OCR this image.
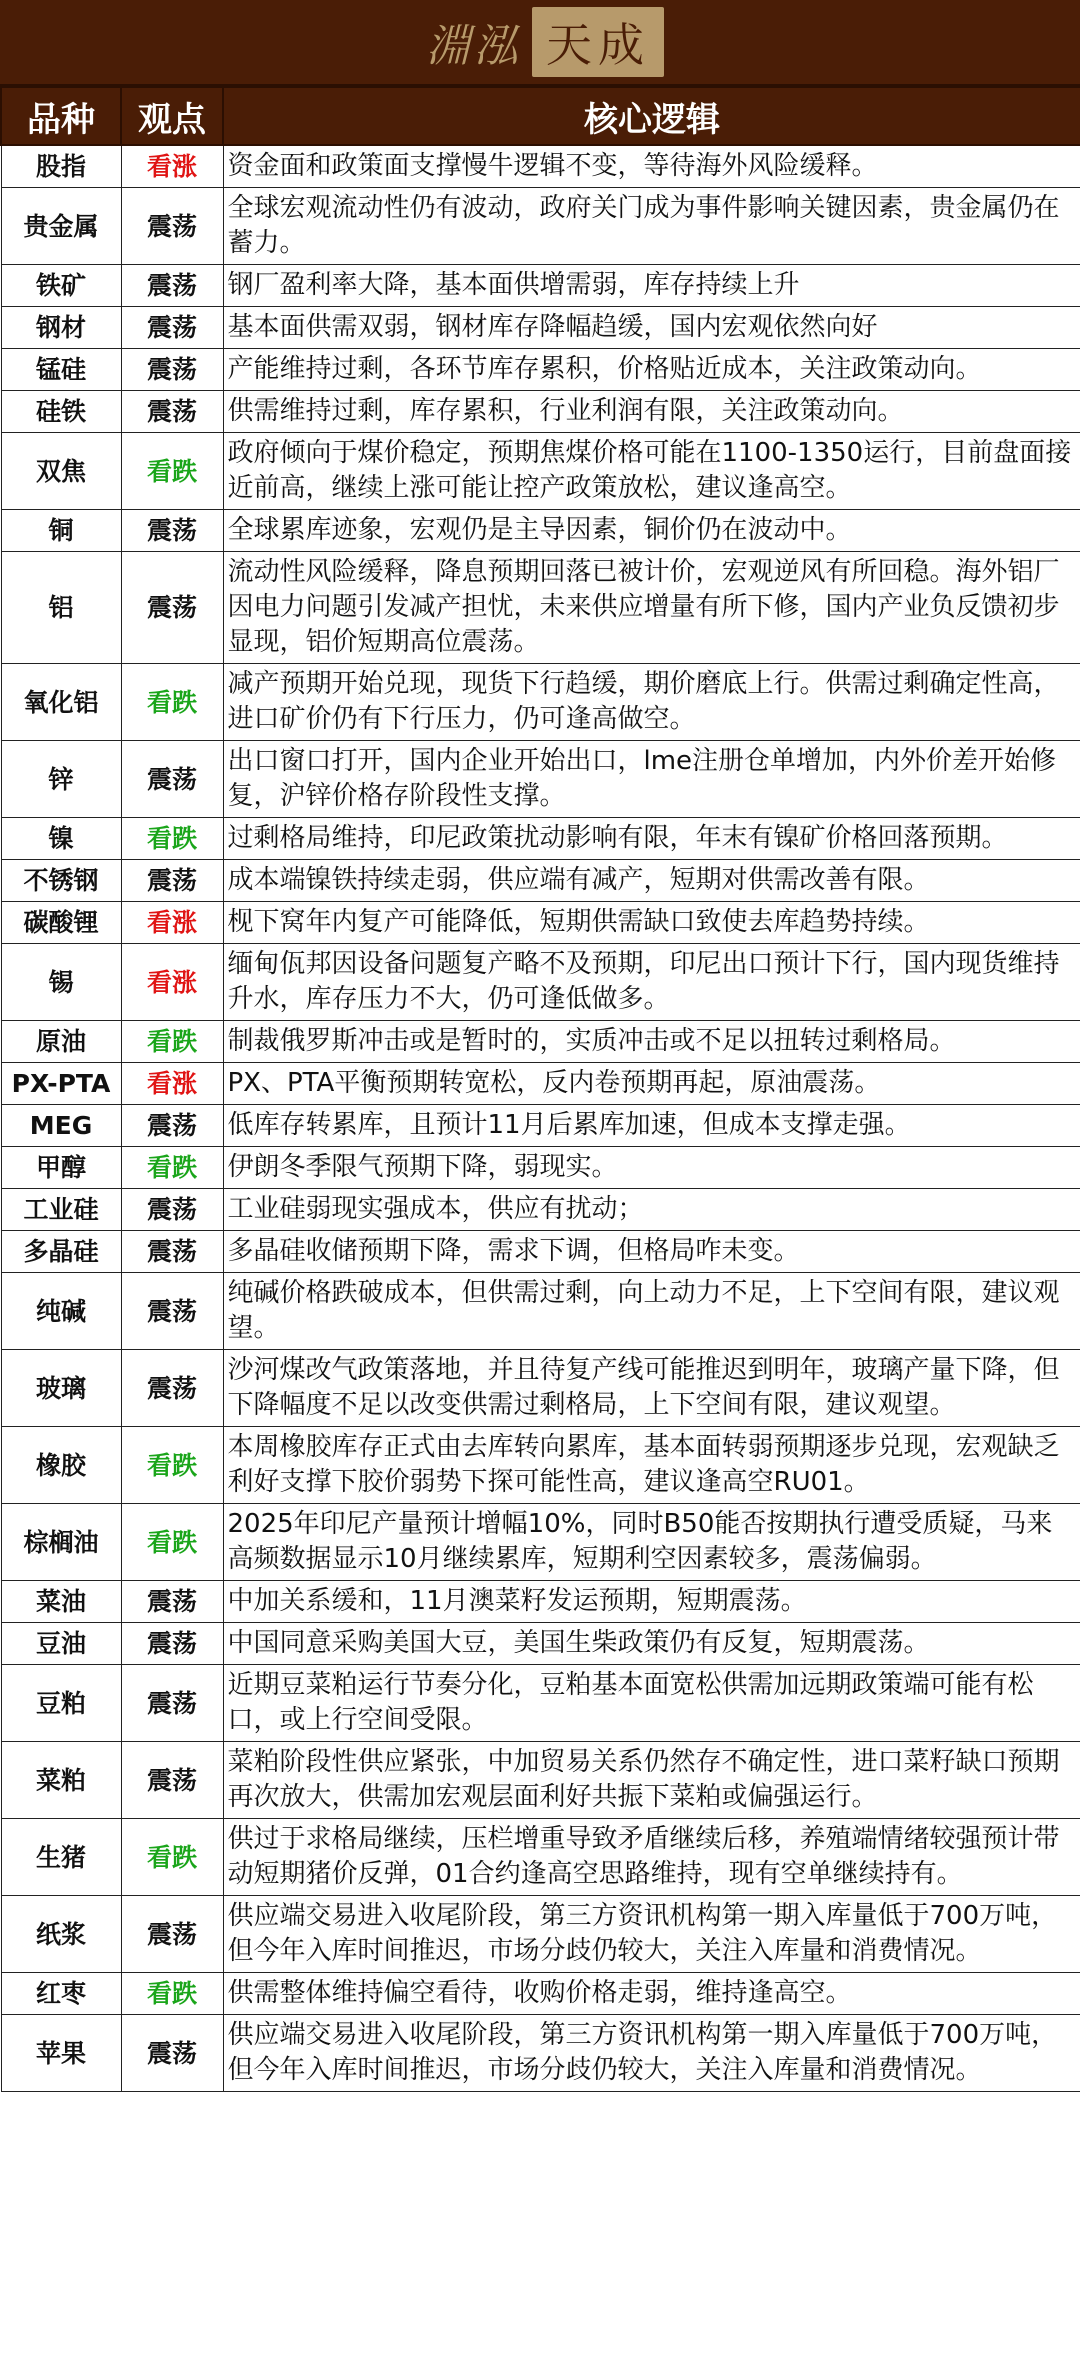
淵泓 天成
品种	观点	核心逻辑
股指	看涨	资金面和政策面支撑慢牛逻辑不变，等待海外风险缓释。
贵金属	震荡	全球宏观流动性仍有波动，政府关门成为事件影响关键因素，贵金属仍在蓄力。
铁矿	震荡	钢厂盈利率大降，基本面供增需弱，库存持续上升
钢材	震荡	基本面供需双弱，钢材库存降幅趋缓，国内宏观依然向好
锰硅	震荡	产能维持过剩，各环节库存累积，价格贴近成本，关注政策动向。
硅铁	震荡	供需维持过剩，库存累积，行业利润有限，关注政策动向。
双焦	看跌	政府倾向于煤价稳定，预期焦煤价格可能在1100-1350运行，目前盘面接近前高，继续上涨可能让控产政策放松，建议逢高空。
铜	震荡	全球累库迹象，宏观仍是主导因素，铜价仍在波动中。
铝	震荡	流动性风险缓释，降息预期回落已被计价，宏观逆风有所回稳。海外铝厂因电力问题引发减产担忧，未来供应增量有所下修，国内产业负反馈初步显现，铝价短期高位震荡。
氧化铝	看跌	减产预期开始兑现，现货下行趋缓，期价磨底上行。供需过剩确定性高，进口矿价仍有下行压力，仍可逢高做空。
锌	震荡	出口窗口打开，国内企业开始出口，lme注册仓单增加，内外价差开始修复，沪锌价格存阶段性支撑。
镍	看跌	过剩格局维持，印尼政策扰动影响有限，年末有镍矿价格回落预期。
不锈钢	震荡	成本端镍铁持续走弱，供应端有减产，短期对供需改善有限。
碳酸锂	看涨	枧下窝年内复产可能降低，短期供需缺口致使去库趋势持续。
锡	看涨	缅甸佤邦因设备问题复产略不及预期，印尼出口预计下行，国内现货维持升水，库存压力不大，仍可逢低做多。
原油	看跌	制裁俄罗斯冲击或是暂时的，实质冲击或不足以扭转过剩格局。
PX-PTA	看涨	PX、PTA平衡预期转宽松，反内卷预期再起，原油震荡。
MEG	震荡	低库存转累库，且预计11月后累库加速，但成本支撑走强。
甲醇	看跌	伊朗冬季限气预期下降，弱现实。
工业硅	震荡	工业硅弱现实强成本，供应有扰动；
多晶硅	震荡	多晶硅收储预期下降，需求下调，但格局咋未变。
纯碱	震荡	纯碱价格跌破成本，但供需过剩，向上动力不足，上下空间有限，建议观望。
玻璃	震荡	沙河煤改气政策落地，并且待复产线可能推迟到明年，玻璃产量下降，但下降幅度不足以改变供需过剩格局，上下空间有限，建议观望。
橡胶	看跌	本周橡胶库存正式由去库转向累库，基本面转弱预期逐步兑现，宏观缺乏利好支撑下胶价弱势下探可能性高，建议逢高空RU01。
棕榈油	看跌	2025年印尼产量预计增幅10%，同时B50能否按期执行遭受质疑，马来高频数据显示10月继续累库，短期利空因素较多，震荡偏弱。
菜油	震荡	中加关系缓和，11月澳菜籽发运预期，短期震荡。
豆油	震荡	中国同意采购美国大豆，美国生柴政策仍有反复，短期震荡。
豆粕	震荡	近期豆菜粕运行节奏分化，豆粕基本面宽松供需加远期政策端可能有松口，或上行空间受限。
菜粕	震荡	菜粕阶段性供应紧张，中加贸易关系仍然存不确定性，进口菜籽缺口预期再次放大，供需加宏观层面利好共振下菜粕或偏强运行。
生猪	看跌	供过于求格局继续，压栏增重导致矛盾继续后移，养殖端情绪较强预计带动短期猪价反弹，01合约逢高空思路维持，现有空单继续持有。
纸浆	震荡	供应端交易进入收尾阶段，第三方资讯机构第一期入库量低于700万吨，但今年入库时间推迟，市场分歧仍较大，关注入库量和消费情况。
红枣	看跌	供需整体维持偏空看待，收购价格走弱，维持逢高空。
苹果	震荡	供应端交易进入收尾阶段，第三方资讯机构第一期入库量低于700万吨，但今年入库时间推迟，市场分歧仍较大，关注入库量和消费情况。
